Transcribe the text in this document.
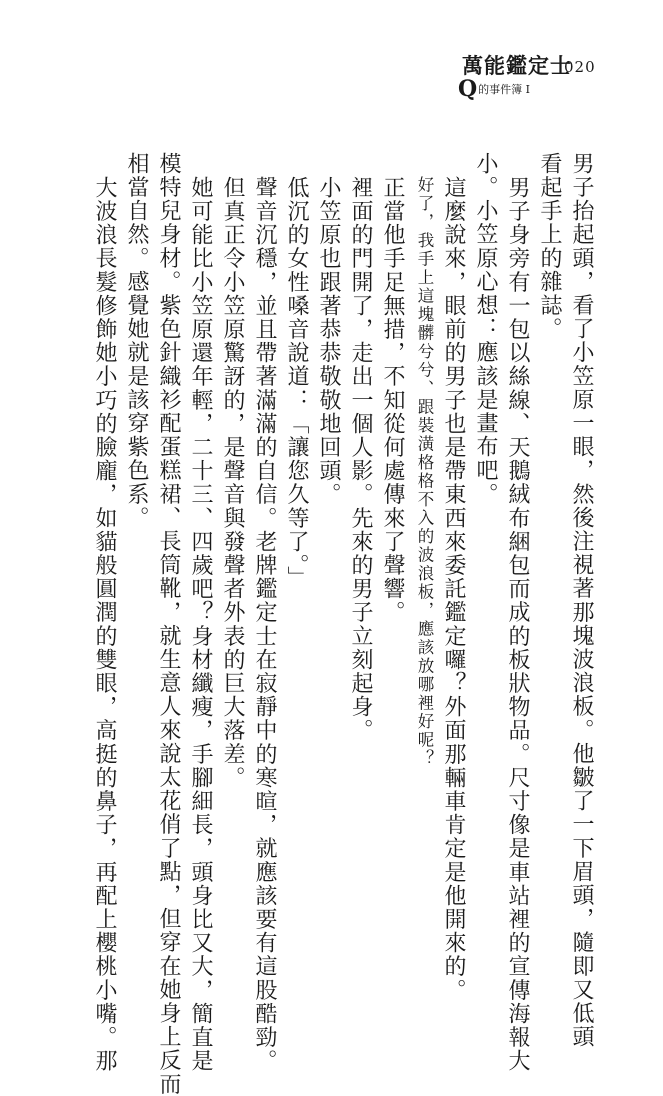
萬能鑑定士
020
Q的事件簿 I

男子抬起頭，看了小笠原一眼，然後注視著那塊波浪板。他皺了一下眉頭，隨即又低頭

看起手上的雜誌。

男子身旁有一包以絲線、天鵝絨布綑包而成的板狀物品。尺寸像是車站裡的宣傳海報大

小。小笠原心想：應該是畫布吧。

這麼說來，眼前的男子也是帶東西來委託鑑定囉？外面那輛車肯定是他開來的。

好了，我手上這塊髒兮兮、跟裝潢格格不入的波浪板，應該放哪裡好呢？

正當他手足無措，不知從何處傳來了聲響。

裡面的門開了，走出一個人影。先來的男子立刻起身。

小笠原也跟著恭恭敬敬地回頭。

低沉的女性嗓音說道：「讓您久等了。」

聲音沉穩，並且帶著滿滿的自信。老牌鑑定士在寂靜中的寒暄，就應該要有這股酷勁。

但真正令小笠原驚訝的，是聲音與發聲者外表的巨大落差。

她可能比小笠原還年輕，二十三、四歲吧？身材纖瘦，手腳細長，頭身比又大，簡直是

模特兒身材。紫色針織衫配蛋糕裙、長筒靴，就生意人來說太花俏了點，但穿在她身上反而

相當自然。感覺她就是該穿紫色系。

大波浪長髮修飾她小巧的臉龐，如貓般圓潤的雙眼，高挺的鼻子，再配上櫻桃小嘴。那
